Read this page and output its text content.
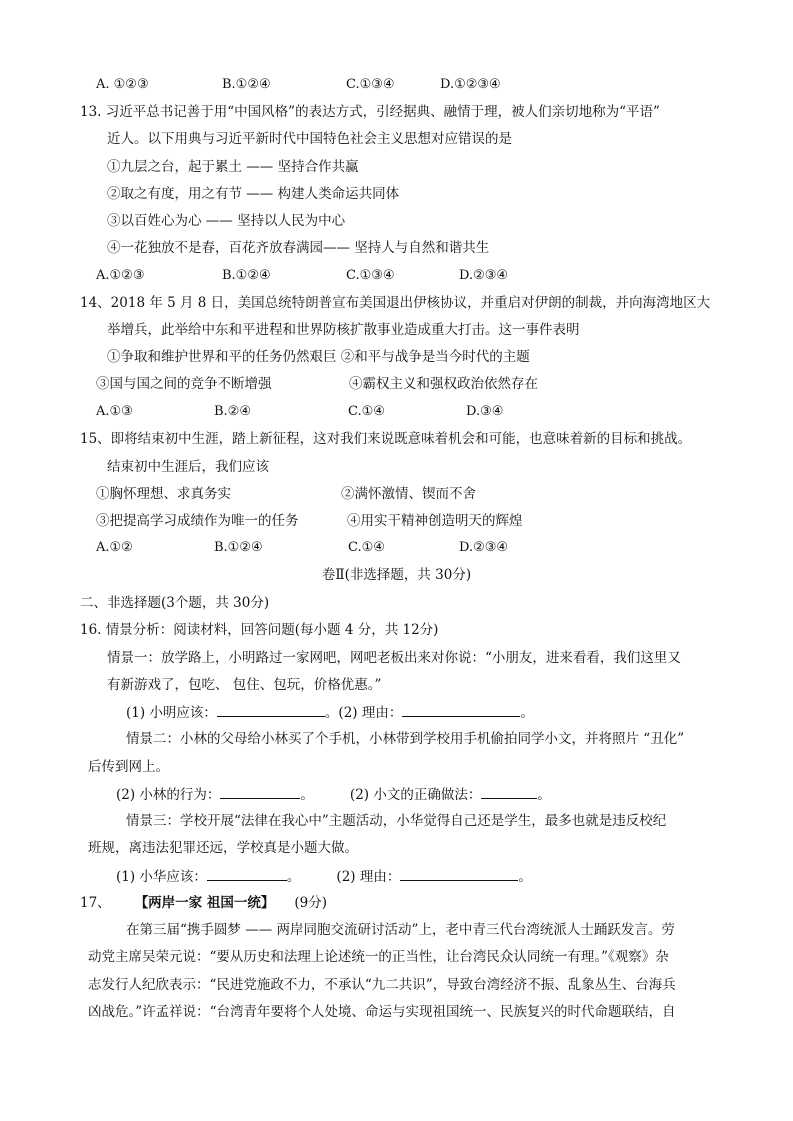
A. ①②③	B.①②④	C.①③④	D.①②③④
13. 习近平总书记善于用“中国风格”的表达方式，引经据典、融情于理，被人们亲切地称为“平语”
近人。以下用典与习近平新时代中国特色社会主义思想对应错误的是
①九层之台，起于累土 —— 坚持合作共赢
②取之有度，用之有节 —— 构建人类命运共同体
③以百姓心为心 —— 坚持以人民为中心
④一花独放不是春，百花齐放春满园—— 坚持人与自然和谐共生
A.①②③	B.①②④	C.①③④	D.②③④
14、2018 年 5 月 8 日，美国总统特朗普宣布美国退出伊核协议，并重启对伊朗的制裁，并向海湾地区大
举增兵，此举给中东和平进程和世界防核扩散事业造成重大打击。这一事件表明
①争取和维护世界和平的任务仍然艰巨 ②和平与战争是当今时代的主题
③国与国之间的竞争不断增强	④霸权主义和强权政治依然存在
A.①③	B.②④	C.①④	D.③④
15、即将结束初中生涯，踏上新征程，这对我们来说既意味着机会和可能，也意味着新的目标和挑战。
结束初中生涯后，我们应该
①胸怀理想、求真务实	②满怀激情、锲而不舍
③把提高学习成绩作为唯一的任务	④用实干精神创造明天的辉煌
A.①②	B.①②④	C.①④	D.②③④
卷Ⅱ(非选择题，共 30分)
二、非选择题(3个题，共 30分)
16. 情景分析：阅读材料，回答问题(每小题 4 分，共 12分)
情景一：放学路上，小明路过一家网吧，网吧老板出来对你说：“小朋友，进来看看，我们这里又
有新游戏了，包吃、 包住、包玩，价格优惠。”
(1) 小明应该：	。(2) 理由：	。
情景二：小林的父母给小林买了个手机，小林带到学校用手机偷拍同学小文，并将照片 “丑化”
后传到网上。
(2) 小林的行为：	。	(2) 小文的正确做法：	。
情景三：学校开展“法律在我心中”主题活动，小华觉得自己还是学生，最多也就是违反校纪
班规，离违法犯罪还远，学校真是小题大做。
(1) 小华应该：	。	(2) 理由：	。
17、 【两岸一家 祖国一统】 (9分)
在第三届“携手圆梦 —— 两岸同胞交流研讨活动”上，老中青三代台湾统派人士踊跃发言。劳
动党主席吴荣元说：“要从历史和法理上论述统一的正当性，让台湾民众认同统一有理。”《观察》杂
志发行人纪欣表示：“民进党施政不力，不承认“九二共识”，导致台湾经济不振、乱象丛生、台海兵
凶战危。”许孟祥说：“台湾青年要将个人处境、命运与实现祖国统一、民族复兴的时代命题联结，自
